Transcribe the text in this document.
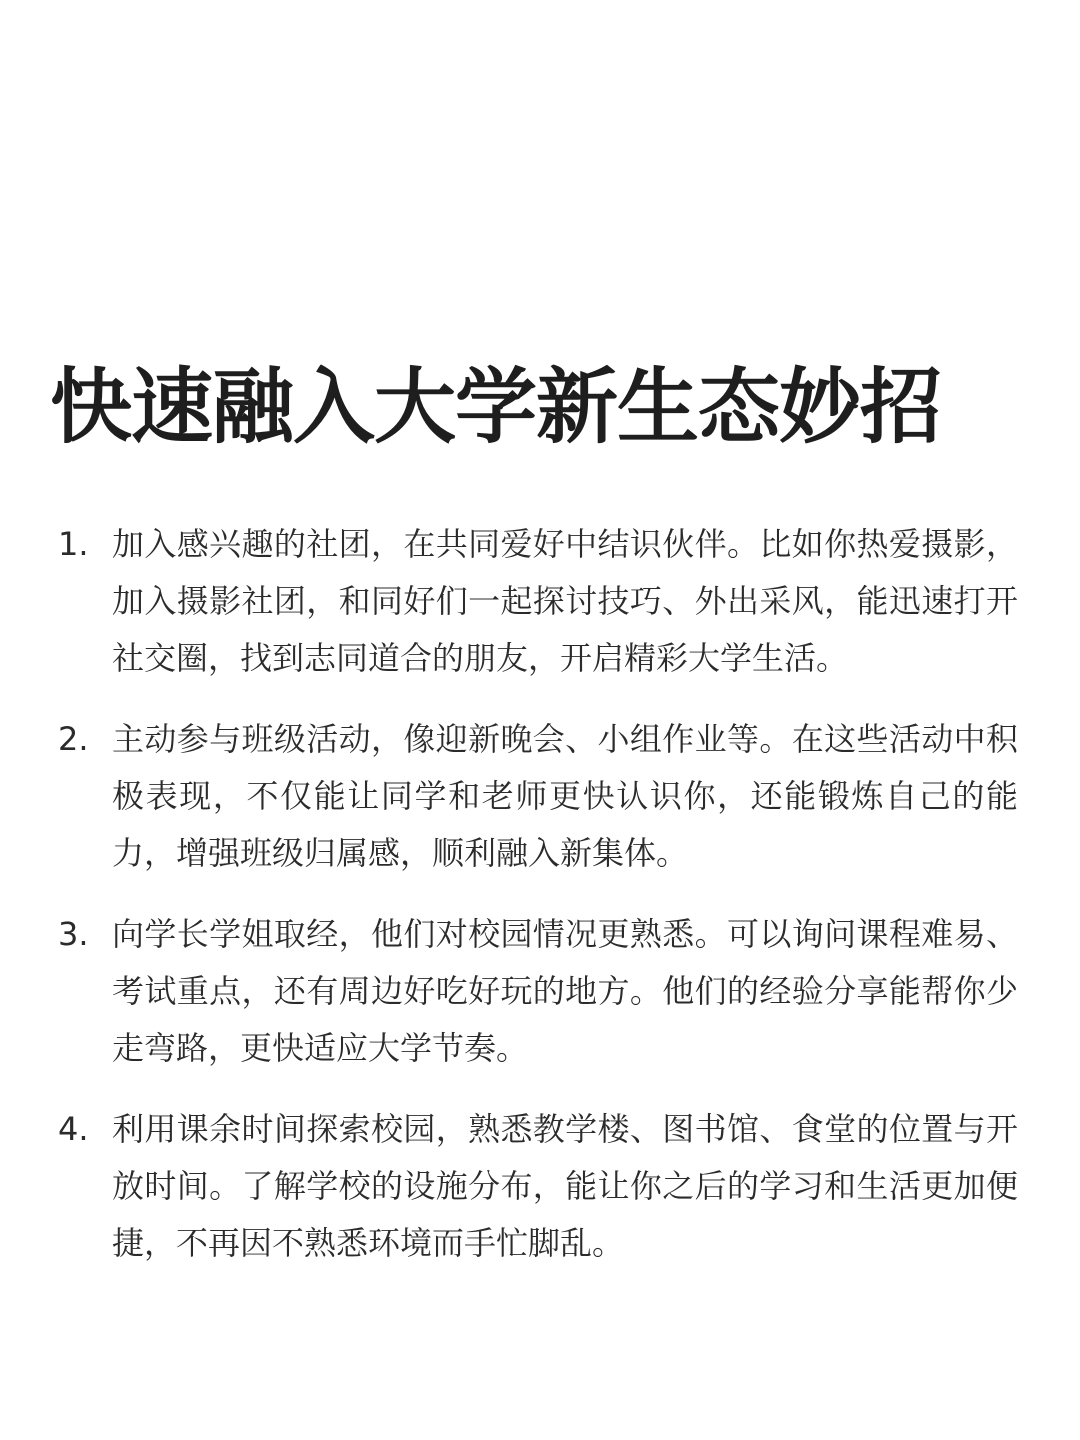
快速融入大学新生态妙招
1. 加入感兴趣的社团，在共同爱好中结识伙伴。比如你热爱摄影，加入摄影社团，和同好们一起探讨技巧、外出采风，能迅速打开社交圈，找到志同道合的朋友，开启精彩大学生活。
2. 主动参与班级活动，像迎新晚会、小组作业等。在这些活动中积极表现，不仅能让同学和老师更快认识你，还能锻炼自己的能力，增强班级归属感，顺利融入新集体。
3. 向学长学姐取经，他们对校园情况更熟悉。可以询问课程难易、考试重点，还有周边好吃好玩的地方。他们的经验分享能帮你少走弯路，更快适应大学节奏。
4. 利用课余时间探索校园，熟悉教学楼、图书馆、食堂的位置与开放时间。了解学校的设施分布，能让你之后的学习和生活更加便捷，不再因不熟悉环境而手忙脚乱。
